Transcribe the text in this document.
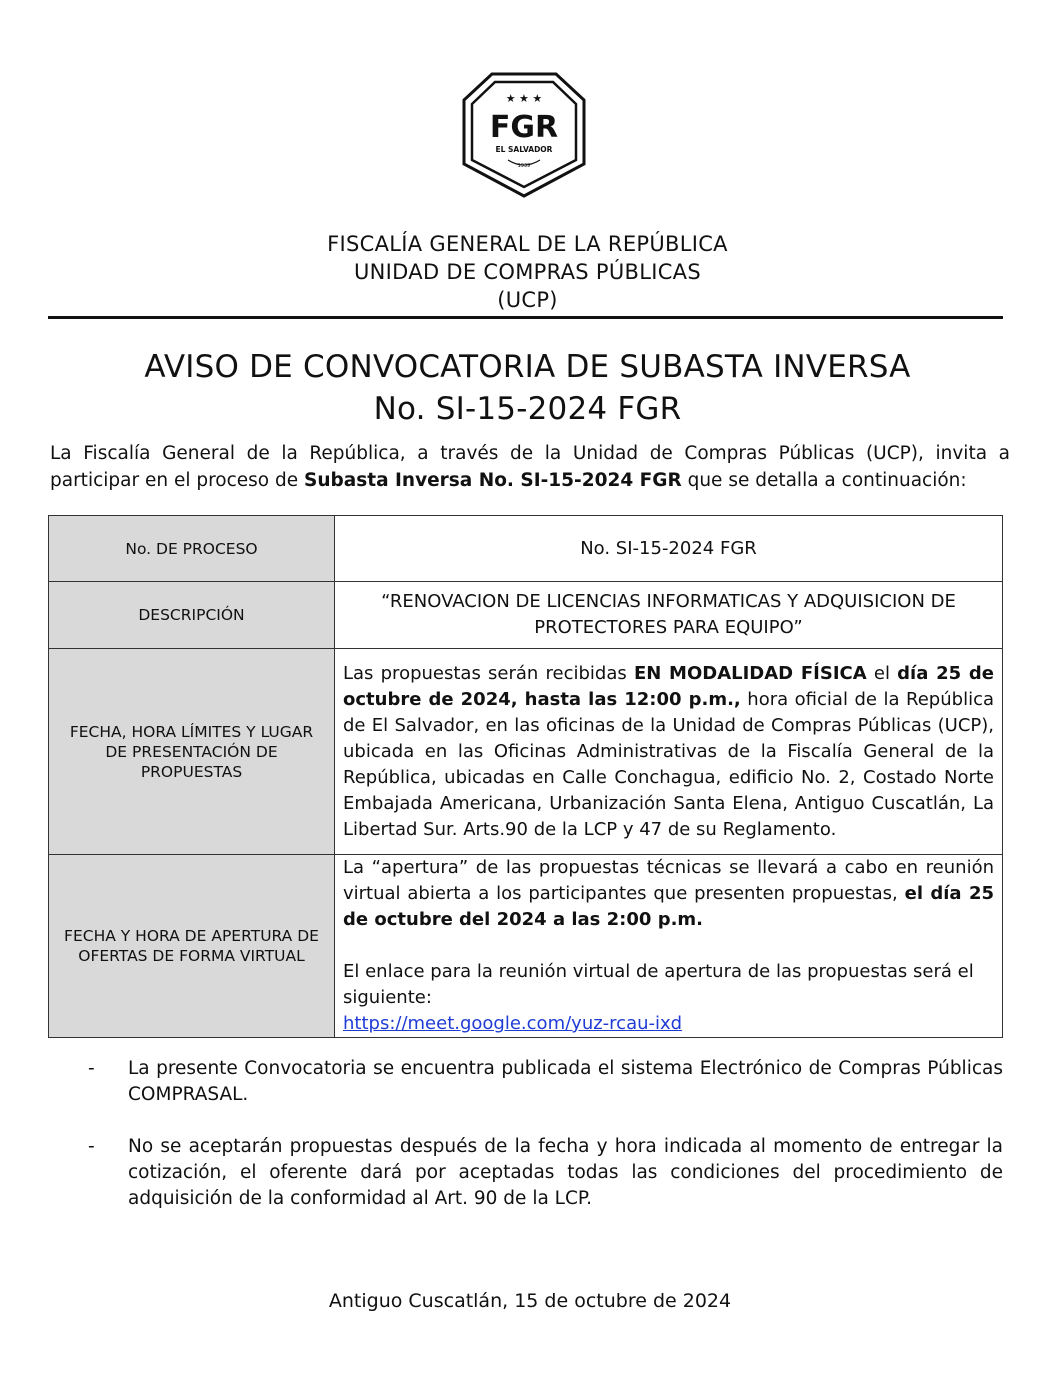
★ ★ ★
FGR
EL SALVADOR
1939
FISCALÍA GENERAL DE LA REPÚBLICA
UNIDAD DE COMPRAS PÚBLICAS
(UCP)
AVISO DE CONVOCATORIA DE SUBASTA INVERSA
No. SI-15-2024 FGR
La Fiscalía General de la República, a través de la Unidad de Compras Públicas (UCP), invita a participar en el proceso de Subasta Inversa No. SI-15-2024 FGR que se detalla a continuación:
No. DE PROCESO	No. SI-15-2024 FGR
DESCRIPCIÓN	“RENOVACION DE LICENCIAS INFORMATICAS Y ADQUISICION DE PROTECTORES PARA EQUIPO”
FECHA, HORA LÍMITES Y LUGAR DE PRESENTACIÓN DE PROPUESTAS	Las propuestas serán recibidas EN MODALIDAD FÍSICA el día 25 de octubre de 2024, hasta las 12:00 p.m., hora oficial de la República de El Salvador, en las oficinas de la Unidad de Compras Públicas (UCP), ubicada en las Oficinas Administrativas de la Fiscalía General de la República, ubicadas en Calle Conchagua, edificio No. 2, Costado Norte Embajada Americana, Urbanización Santa Elena, Antiguo Cuscatlán, La Libertad Sur. Arts.90 de la LCP y 47 de su Reglamento.
FECHA Y HORA DE APERTURA DE OFERTAS DE FORMA VIRTUAL	La “apertura” de las propuestas técnicas se llevará a cabo en reunión virtual abierta a los participantes que presenten propuestas, el día 25 de octubre del 2024 a las 2:00 p.m.
El enlace para la reunión virtual de apertura de las propuestas será el siguiente:
https://meet.google.com/yuz-rcau-ixd
- La presente Convocatoria se encuentra publicada el sistema Electrónico de Compras Públicas COMPRASAL.
- No se aceptarán propuestas después de la fecha y hora indicada al momento de entregar la cotización, el oferente dará por aceptadas todas las condiciones del procedimiento de adquisición de la conformidad al Art. 90 de la LCP.
Antiguo Cuscatlán, 15 de octubre de 2024
